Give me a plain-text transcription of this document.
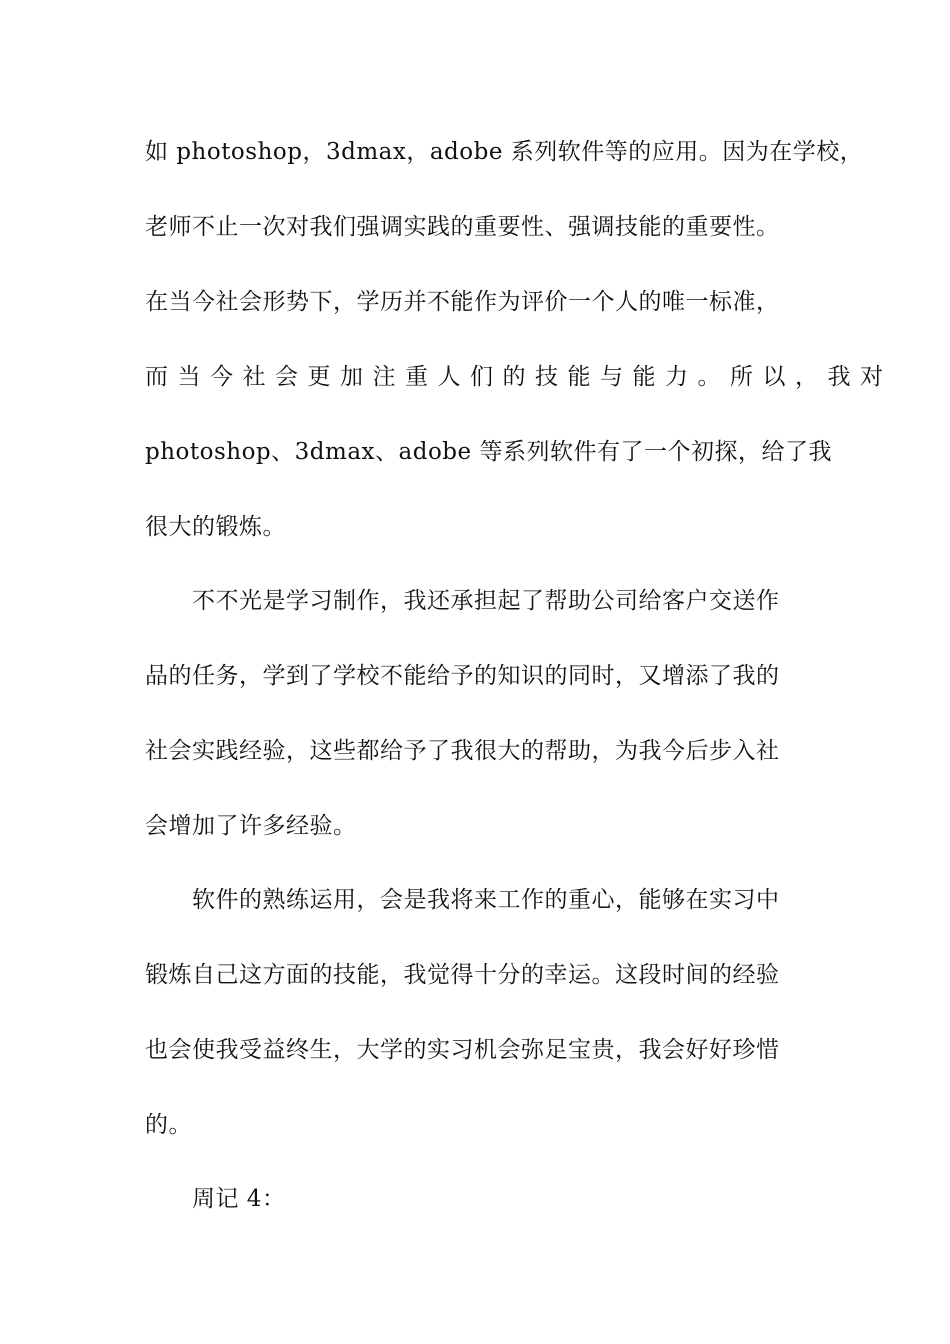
如 photoshop，3dmax，adobe 系列软件等的应用。因为在学校，
老师不止一次对我们强调实践的重要性、强调技能的重要性。
在当今社会形势下，学历并不能作为评价一个人的唯一标准，
而当今社会更加注重人们的技能与能力。所以，我对
photoshop、3dmax、adobe 等系列软件有了一个初探，给了我
很大的锻炼。
不不光是学习制作，我还承担起了帮助公司给客户交送作
品的任务，学到了学校不能给予的知识的同时，又增添了我的
社会实践经验，这些都给予了我很大的帮助，为我今后步入社
会增加了许多经验。
软件的熟练运用，会是我将来工作的重心，能够在实习中
锻炼自己这方面的技能，我觉得十分的幸运。这段时间的经验
也会使我受益终生，大学的实习机会弥足宝贵，我会好好珍惜
的。
周记 4：
